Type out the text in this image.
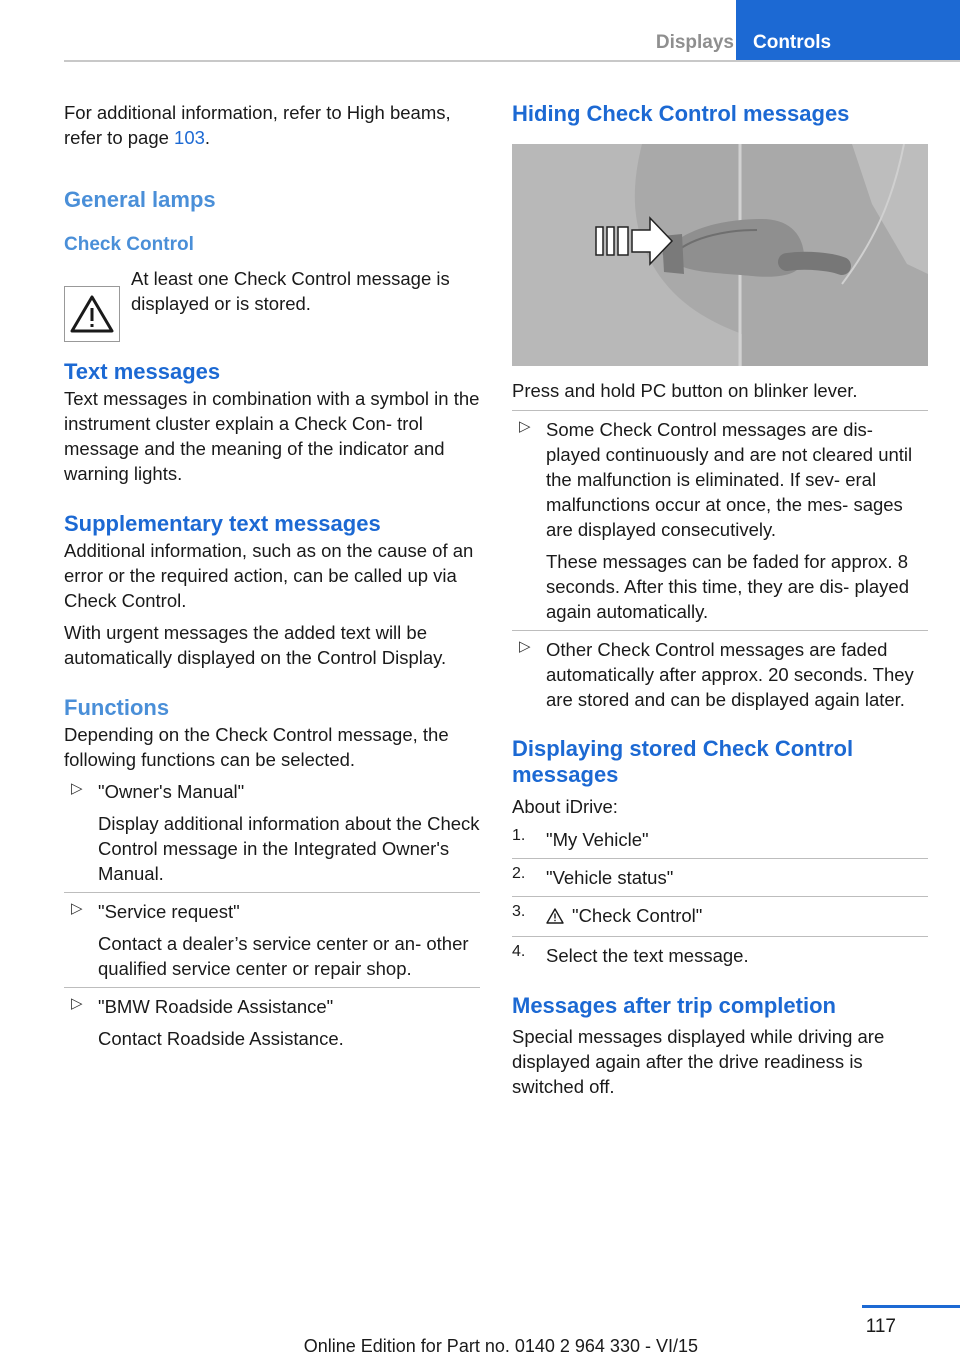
Displays	Controls

For additional information, refer to High beams, refer to page 103.

General lamps
Check Control

At least one Check Control message is displayed or is stored.

Text messages

Text messages in combination with a symbol in the instrument cluster explain a Check Con- trol message and the meaning of the indicator and warning lights.

Supplementary text messages

Additional information, such as on the cause of an error or the required action, can be called up via Check Control.

With urgent messages the added text will be automatically displayed on the Control Display.

Functions

Depending on the Check Control message, the following functions can be selected.

▷ "Owner's Manual"

Display additional information about the Check Control message in the Integrated Owner's Manual.

▷ "Service request"

Contact a dealer’s service center or an- other qualified service center or repair shop.

▷ "BMW Roadside Assistance"

Contact Roadside Assistance.

Hiding Check Control messages

Press and hold PC button on blinker lever.

▷ Some Check Control messages are dis- played continuously and are not cleared until the malfunction is eliminated. If sev- eral malfunctions occur at once, the mes- sages are displayed consecutively.

These messages can be faded for approx. 8 seconds. After this time, they are dis- played again automatically.

▷ Other Check Control messages are faded automatically after approx. 20 seconds. They are stored and can be displayed again later.

Displaying stored Check Control messages

About iDrive:

1. "My Vehicle"

2. "Vehicle status"

3.	"Check Control"

4. Select the text message.

Messages after trip completion

Special messages displayed while driving are displayed again after the drive readiness is switched off.

117
Online Edition for Part no. 0140 2 964 330 - VI/15
